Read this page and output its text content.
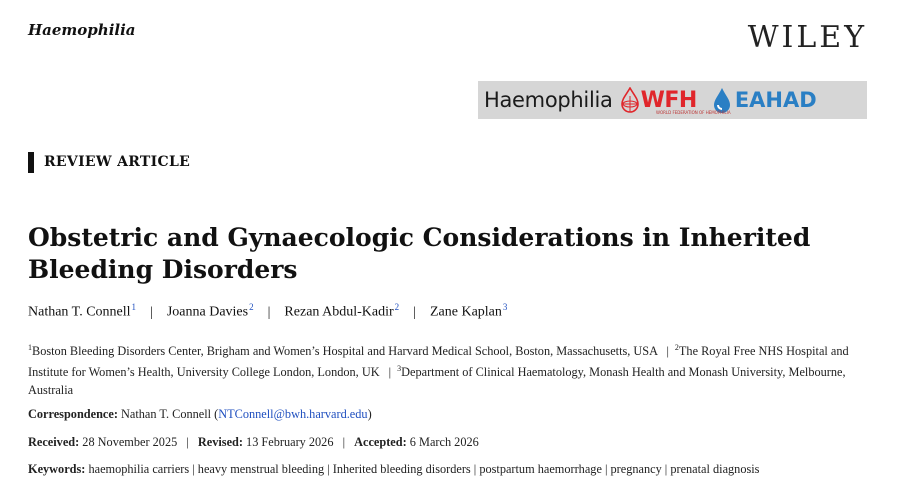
Haemophilia	WILEY
Haemophilia WFH EAHAD
WORLD FEDERATION OF HEMOPHILIA
REVIEW ARTICLE
Obstetric and Gynaecologic Considerations in Inherited Bleeding Disorders
Nathan T. Connell$^1$ | Joanna Davies$^2$ | Rezan Abdul-Kadir$^2$ | Zane Kaplan$^3$
$^1$Boston Bleeding Disorders Center, Brigham and Women’s Hospital and Harvard Medical School, Boston, Massachusetts, USA | $^2$The Royal Free NHS Hospital and Institute for Women’s Health, University College London, London, UK | $^3$Department of Clinical Haematology, Monash Health and Monash University, Melbourne, Australia
Correspondence: Nathan T. Connell (NTConnell@bwh.harvard.edu)
Received: 28 November 2025 | Revised: 13 February 2026 | Accepted: 6 March 2026
Keywords: haemophilia carriers | heavy menstrual bleeding | Inherited bleeding disorders | postpartum haemorrhage | pregnancy | prenatal diagnosis
